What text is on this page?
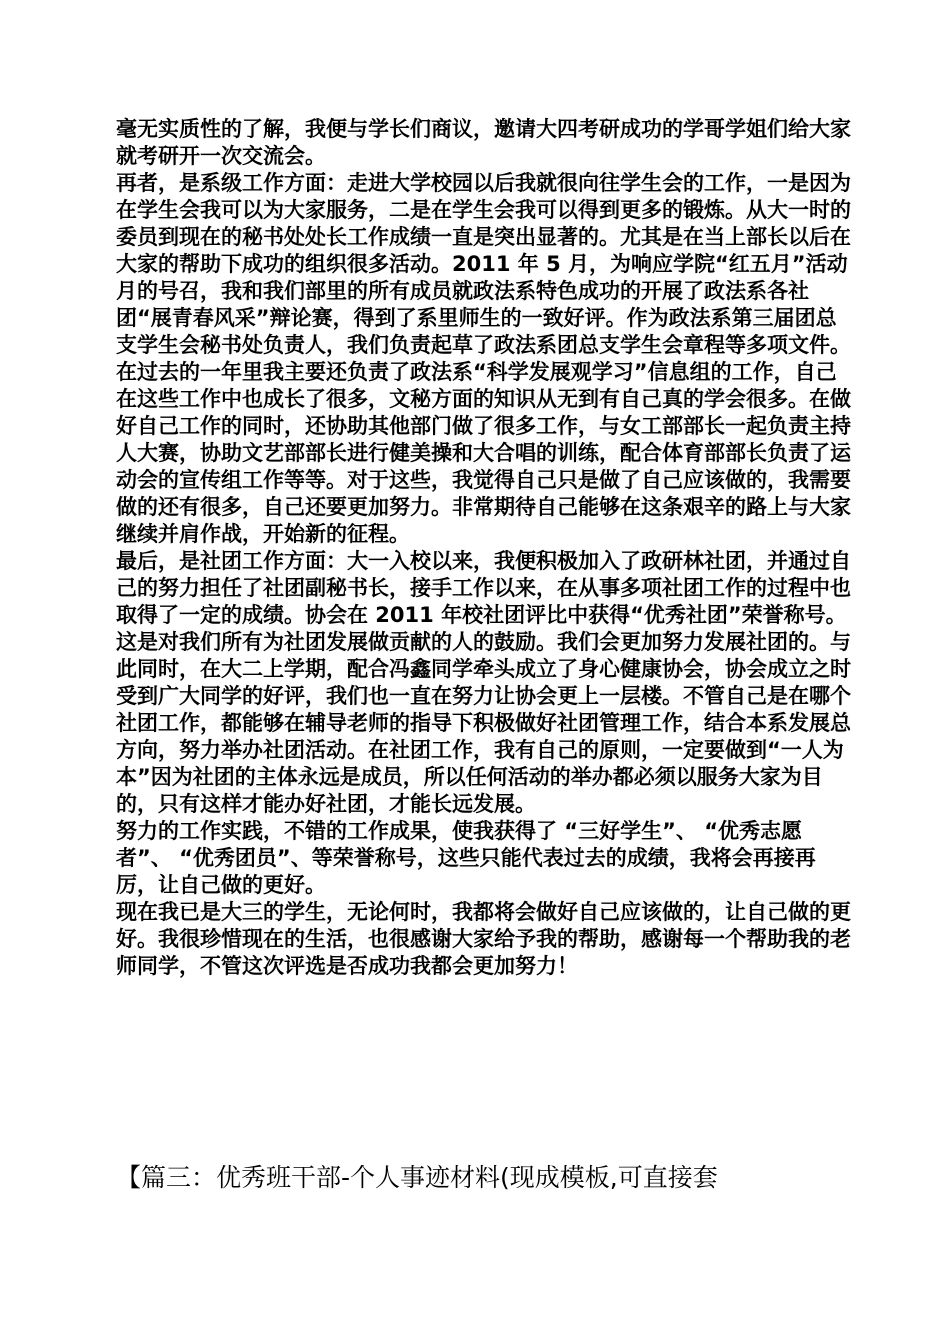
毫无实质性的了解，我便与学长们商议，邀请大四考研成功的学哥学姐们给大家就考研开一次交流会。

再者，是系级工作方面：走进大学校园以后我就很向往学生会的工作，一是因为在学生会我可以为大家服务，二是在学生会我可以得到更多的锻炼。从大一时的委员到现在的秘书处处长工作成绩一直是突出显著的。尤其是在当上部长以后在大家的帮助下成功的组织很多活动。2011 年 5 月，为响应学院“红五月”活动月的号召，我和我们部里的所有成员就政法系特色成功的开展了政法系各社团“展青春风采”辩论赛，得到了系里师生的一致好评。作为政法系第三届团总支学生会秘书处负责人，我们负责起草了政法系团总支学生会章程等多项文件。在过去的一年里我主要还负责了政法系“科学发展观学习”信息组的工作，自己

在这些工作中也成长了很多，文秘方面的知识从无到有自己真的学会很多。在做好自己工作的同时，还协助其他部门做了很多工作，与女工部部长一起负责主持人大赛，协助文艺部部长进行健美操和大合唱的训练，配合体育部部长负责了运动会的宣传组工作等等。对于这些，我觉得自己只是做了自己应该做的，我需要做的还有很多，自己还要更加努力。非常期待自己能够在这条艰辛的路上与大家继续并肩作战，开始新的征程。

最后，是社团工作方面：大一入校以来，我便积极加入了政研林社团，并通过自己的努力担任了社团副秘书长，接手工作以来，在从事多项社团工作的过程中也取得了一定的成绩。协会在 2011 年校社团评比中获得“优秀社团”荣誉称号。这是对我们所有为社团发展做贡献的人的鼓励。我们会更加努力发展社团的。与此同时，在大二上学期，配合冯鑫同学牵头成立了身心健康协会，协会成立之时受到广大同学的好评，我们也一直在努力让协会更上一层楼。不管自己是在哪个社团工作，都能够在辅导老师的指导下积极做好社团管理工作，结合本系发展总方向，努力举办社团活动。在社团工作，我有自己的原则，一定要做到“一人为本”因为社团的主体永远是成员，所以任何活动的举办都必须以服务大家为目的，只有这样才能办好社团，才能长远发展。

努力的工作实践，不错的工作成果，使我获得了 “三好学生”、 “优秀志愿者”、 “优秀团员”、等荣誉称号，这些只能代表过去的成绩，我将会再接再厉，让自己做的更好。

现在我已是大三的学生，无论何时，我都将会做好自己应该做的，让自己做的更好。我很珍惜现在的生活，也很感谢大家给予我的帮助，感谢每一个帮助我的老师同学，不管这次评选是否成功我都会更加努力！

【篇三：优秀班干部-个人事迹材料(现成模板,可直接套
